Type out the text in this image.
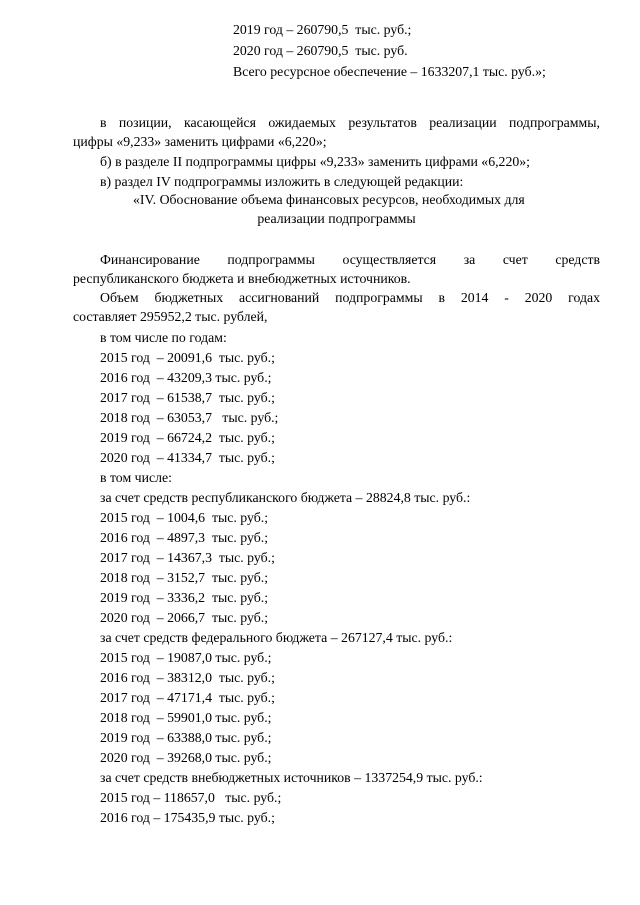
2019 год – 260790,5  тыс. руб.;
2020 год – 260790,5  тыс. руб.
Всего ресурсное обеспечение – 1633207,1 тыс. руб.»;
в позиции, касающейся ожидаемых результатов реализации подпрограммы,
цифры «9,233» заменить цифрами «6,220»;
б) в разделе II подпрограммы цифры «9,233» заменить цифрами «6,220»;
в) раздел IV подпрограммы изложить в следующей редакции:
«IV. Обоснование объема финансовых ресурсов, необходимых для
реализации подпрограммы
Финансирование подпрограммы осуществляется за счет средств
республиканского бюджета и внебюджетных источников.
Объем бюджетных ассигнований подпрограммы в 2014 - 2020 годах
составляет 295952,2 тыс. рублей,
в том числе по годам:
2015 год  – 20091,6  тыс. руб.;
2016 год  – 43209,3 тыс. руб.;
2017 год  – 61538,7  тыс. руб.;
2018 год  – 63053,7   тыс. руб.;
2019 год  – 66724,2  тыс. руб.;
2020 год  – 41334,7  тыс. руб.;
в том числе:
за счет средств республиканского бюджета – 28824,8 тыс. руб.:
2015 год  – 1004,6  тыс. руб.;
2016 год  – 4897,3  тыс. руб.;
2017 год  – 14367,3  тыс. руб.;
2018 год  – 3152,7  тыс. руб.;
2019 год  – 3336,2  тыс. руб.;
2020 год  – 2066,7  тыс. руб.;
за счет средств федерального бюджета – 267127,4 тыс. руб.:
2015 год  – 19087,0 тыс. руб.;
2016 год  – 38312,0  тыс. руб.;
2017 год  – 47171,4  тыс. руб.;
2018 год  – 59901,0 тыс. руб.;
2019 год  – 63388,0 тыс. руб.;
2020 год  – 39268,0 тыс. руб.;
за счет средств внебюджетных источников – 1337254,9 тыс. руб.:
2015 год – 118657,0   тыс. руб.;
2016 год – 175435,9 тыс. руб.;
